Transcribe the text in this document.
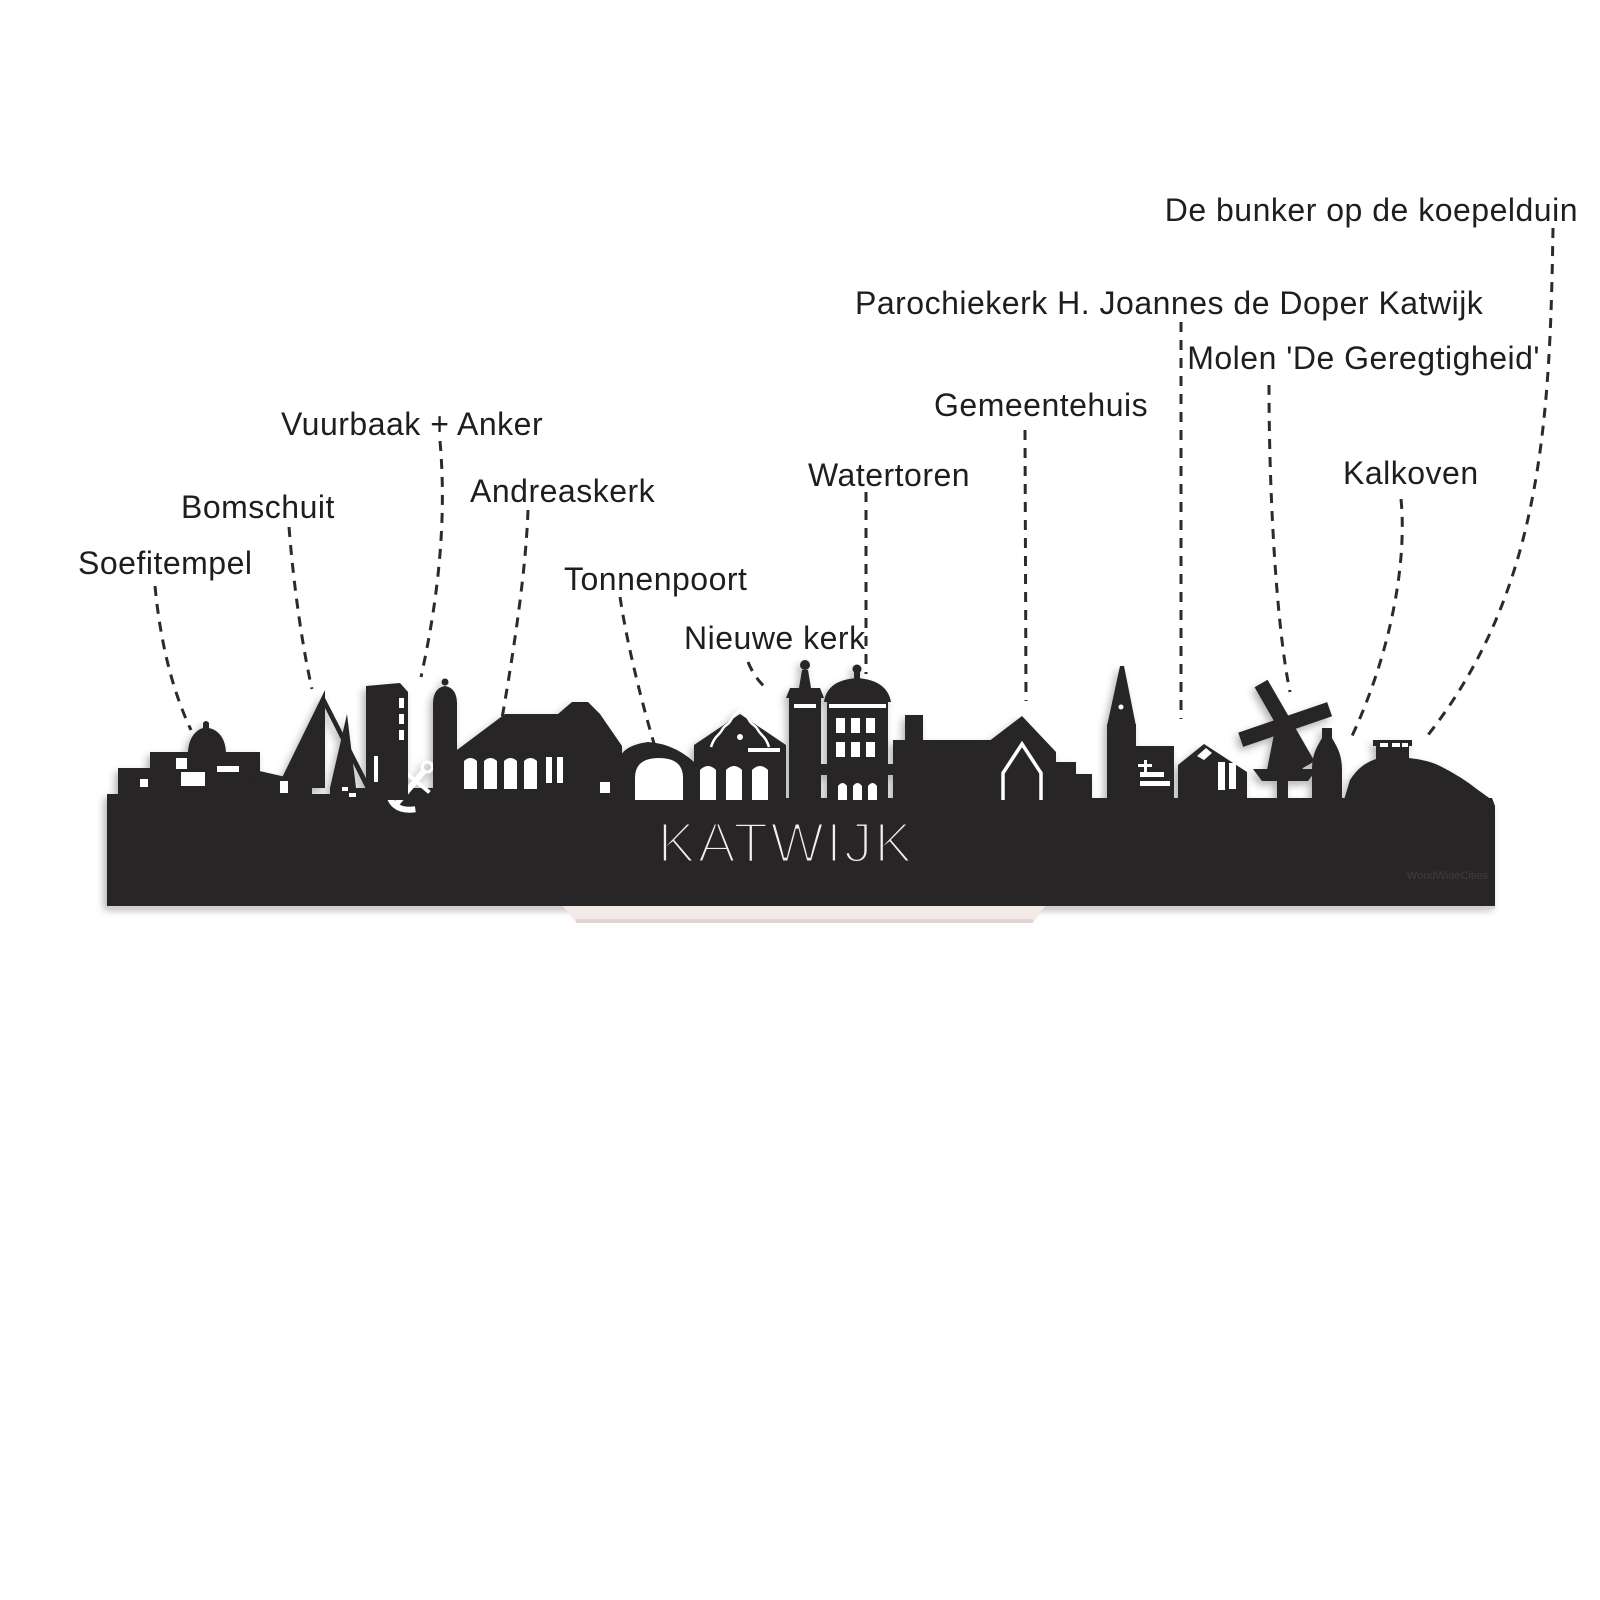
Soefitempel
Bomschuit
Vuurbaak + Anker
Andreaskerk
Tonnenpoort
Nieuwe kerk
Watertoren
Gemeentehuis
Parochiekerk H. Joannes de Doper Katwijk
Molen 'De Geregtigheid'
Kalkoven
De bunker op de koepelduin
KATWIJK
WoodWideCities
